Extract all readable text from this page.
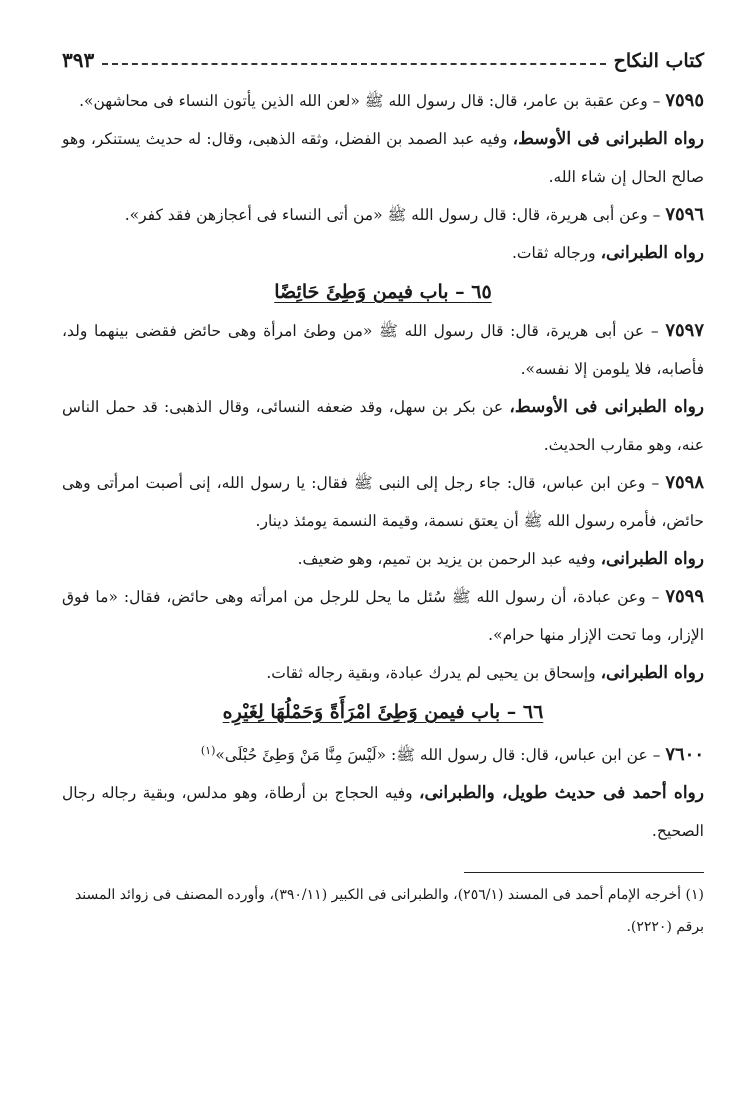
كتاب النكاح
٣٩٣
٧٥٩٥ – وعن عقبة بن عامر، قال: قال رسول الله ﷺ «لعن الله الذين يأتون النساء فى محاشهن».
رواه الطبرانى فى الأوسط، وفيه عبد الصمد بن الفضل، وثقه الذهبى، وقال: له حديث يستنكر، وهو صالح الحال إن شاء الله.
٧٥٩٦ – وعن أبى هريرة، قال: قال رسول الله ﷺ «من أتى النساء فى أعجازهن فقد كفر».
رواه الطبرانى، ورجاله ثقات.
٦٥ – باب فيمن وَطِئَ حَائِضًا
٧٥٩٧ – عن أبى هريرة، قال: قال رسول الله ﷺ «من وطئ امرأة وهى حائض فقضى بينهما ولد، فأصابه، فلا يلومن إلا نفسه».
رواه الطبرانى فى الأوسط، عن بكر بن سهل، وقد ضعفه النسائى، وقال الذهبى: قد حمل الناس عنه، وهو مقارب الحديث.
٧٥٩٨ – وعن ابن عباس، قال: جاء رجل إلى النبى ﷺ فقال: يا رسول الله، إنى أصبت امرأتى وهى حائض، فأمره رسول الله ﷺ أن يعتق نسمة، وقيمة النسمة يومئذ دينار.
رواه الطبرانى، وفيه عبد الرحمن بن يزيد بن تميم، وهو ضعيف.
٧٥٩٩ – وعن عبادة، أن رسول الله ﷺ سُئل ما يحل للرجل من امرأته وهى حائض، فقال: «ما فوق الإزار، وما تحت الإزار منها حرام».
رواه الطبرانى، وإسحاق بن يحيى لم يدرك عبادة، وبقية رجاله ثقات.
٦٦ – باب فيمن وَطِئَ امْرَأَةً وَحَمْلُهَا لِغَيْرِه
٧٦٠٠ – عن ابن عباس، قال: قال رسول الله ﷺ: «لَيْسَ مِنَّا مَنْ وَطِئَ حُبْلَى»$^{(١)}$
رواه أحمد فى حديث طويل، والطبرانى، وفيه الحجاج بن أرطاة، وهو مدلس، وبقية رجاله رجال الصحيح.
(١) أخرجه الإمام أحمد فى المسند (٢٥٦/١)، والطبرانى فى الكبير (٣٩٠/١١)، وأورده المصنف فى زوائد المسند برقم (٢٢٢٠).
